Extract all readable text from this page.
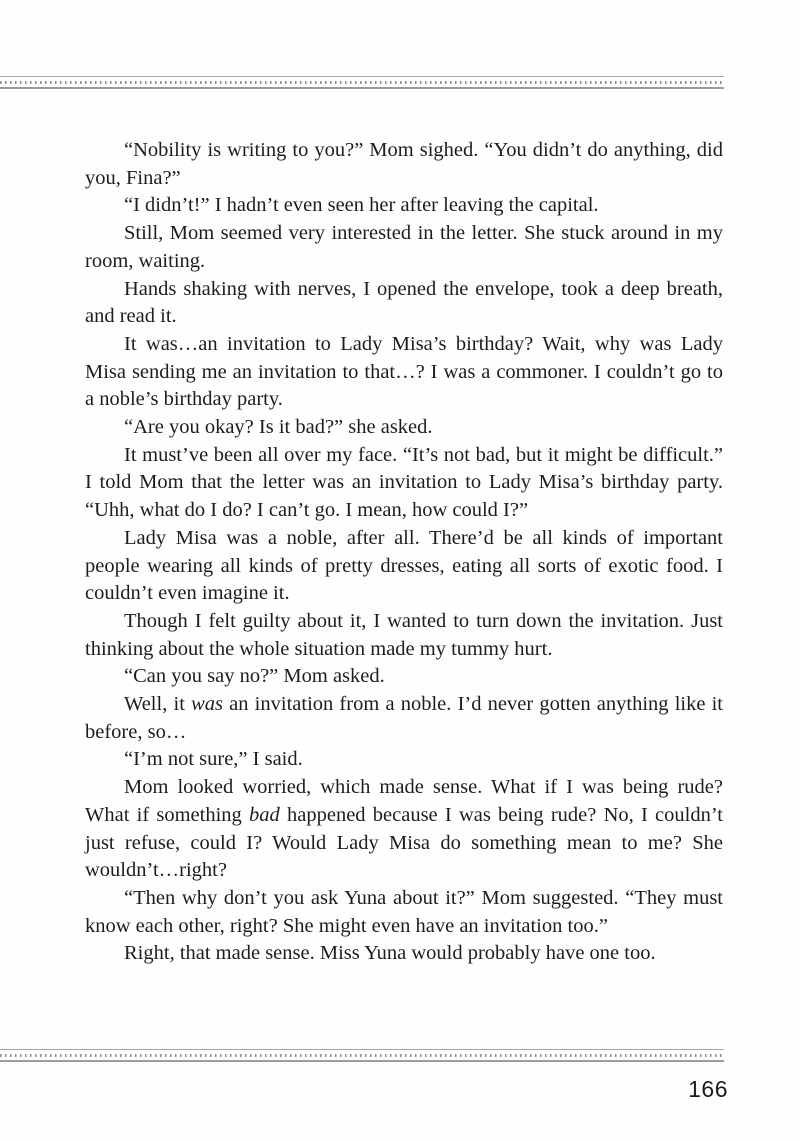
“Nobility is writing to you?” Mom sighed. “You didn’t do anything, did you, Fina?”

“I didn’t!” I hadn’t even seen her after leaving the capital.

Still, Mom seemed very interested in the letter. She stuck around in my room, waiting.

Hands shaking with nerves, I opened the envelope, took a deep breath, and read it.

It was…an invitation to Lady Misa’s birthday? Wait, why was Lady Misa sending me an invitation to that…? I was a commoner. I couldn’t go to a noble’s birthday party.

“Are you okay? Is it bad?” she asked.

It must’ve been all over my face. “It’s not bad, but it might be difficult.” I told Mom that the letter was an invitation to Lady Misa’s birthday party. “Uhh, what do I do? I can’t go. I mean, how could I?”

Lady Misa was a noble, after all. There’d be all kinds of important people wearing all kinds of pretty dresses, eating all sorts of exotic food. I couldn’t even imagine it.

Though I felt guilty about it, I wanted to turn down the invitation. Just thinking about the whole situation made my tummy hurt.

“Can you say no?” Mom asked.

Well, it was an invitation from a noble. I’d never gotten anything like it before, so…

“I’m not sure,” I said.

Mom looked worried, which made sense. What if I was being rude? What if something bad happened because I was being rude? No, I couldn’t just refuse, could I? Would Lady Misa do something mean to me? She wouldn’t…right?

“Then why don’t you ask Yuna about it?” Mom suggested. “They must know each other, right? She might even have an invitation too.”

Right, that made sense. Miss Yuna would probably have one too.

166
